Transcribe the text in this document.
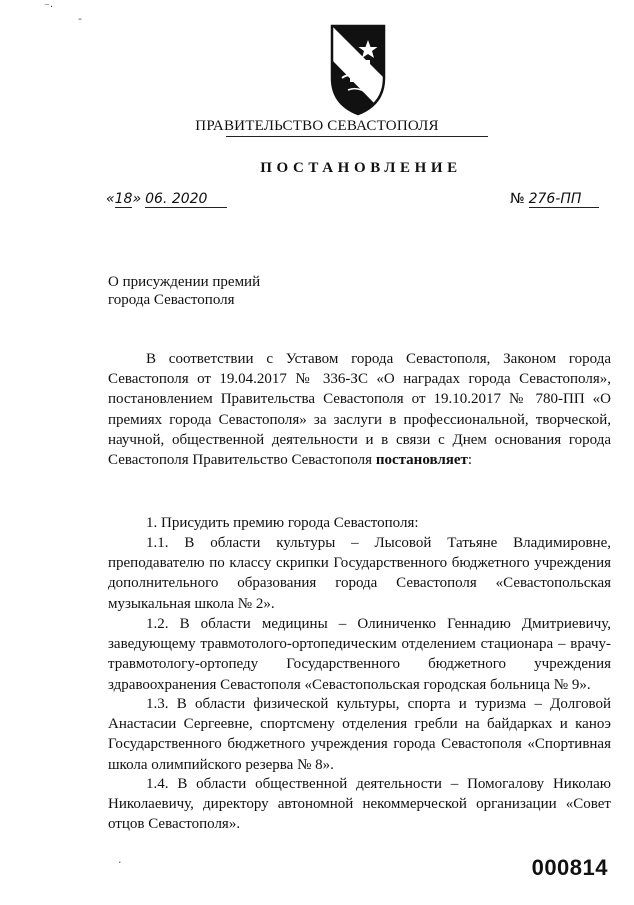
⁻·
-
ПРАВИТЕЛЬСТВО СЕВАСТОПОЛЯ
ПОСТАНОВЛЕНИЕ
«18» 06. 2020	№ 276-ПП
О присуждении премий
города Севастополя
В соответствии с Уставом города Севастополя, Законом города Севастополя от 19.04.2017 № 336-ЗС «О наградах города Севастополя», постановлением Правительства Севастополя от 19.10.2017 № 780-ПП «О премиях города Севастополя» за заслуги в профессиональной, творческой, научной, общественной деятельности и в связи с Днем основания города Севастополя Правительство Севастополя постановляет:
1. Присудить премию города Севастополя:
1.1. В области культуры – Лысовой Татьяне Владимировне, преподавателю по классу скрипки Государственного бюджетного учреждения дополнительного образования города Севастополя «Севастопольская музыкальная школа № 2».
1.2. В области медицины – Олиниченко Геннадию Дмитриевичу, заведующему травмотолого-ортопедическим отделением стационара – врачу-травмотологу-ортопеду Государственного бюджетного учреждения здравоохранения Севастополя «Севастопольская городская больница № 9».
1.3. В области физической культуры, спорта и туризма – Долговой Анастасии Сергеевне, спортсмену отделения гребли на байдарках и каноэ Государственного бюджетного учреждения города Севастополя «Спортивная школа олимпийского резерва № 8».
1.4. В области общественной деятельности – Помогалову Николаю Николаевичу, директору автономной некоммерческой организации «Совет отцов Севастополя».
·	000814
